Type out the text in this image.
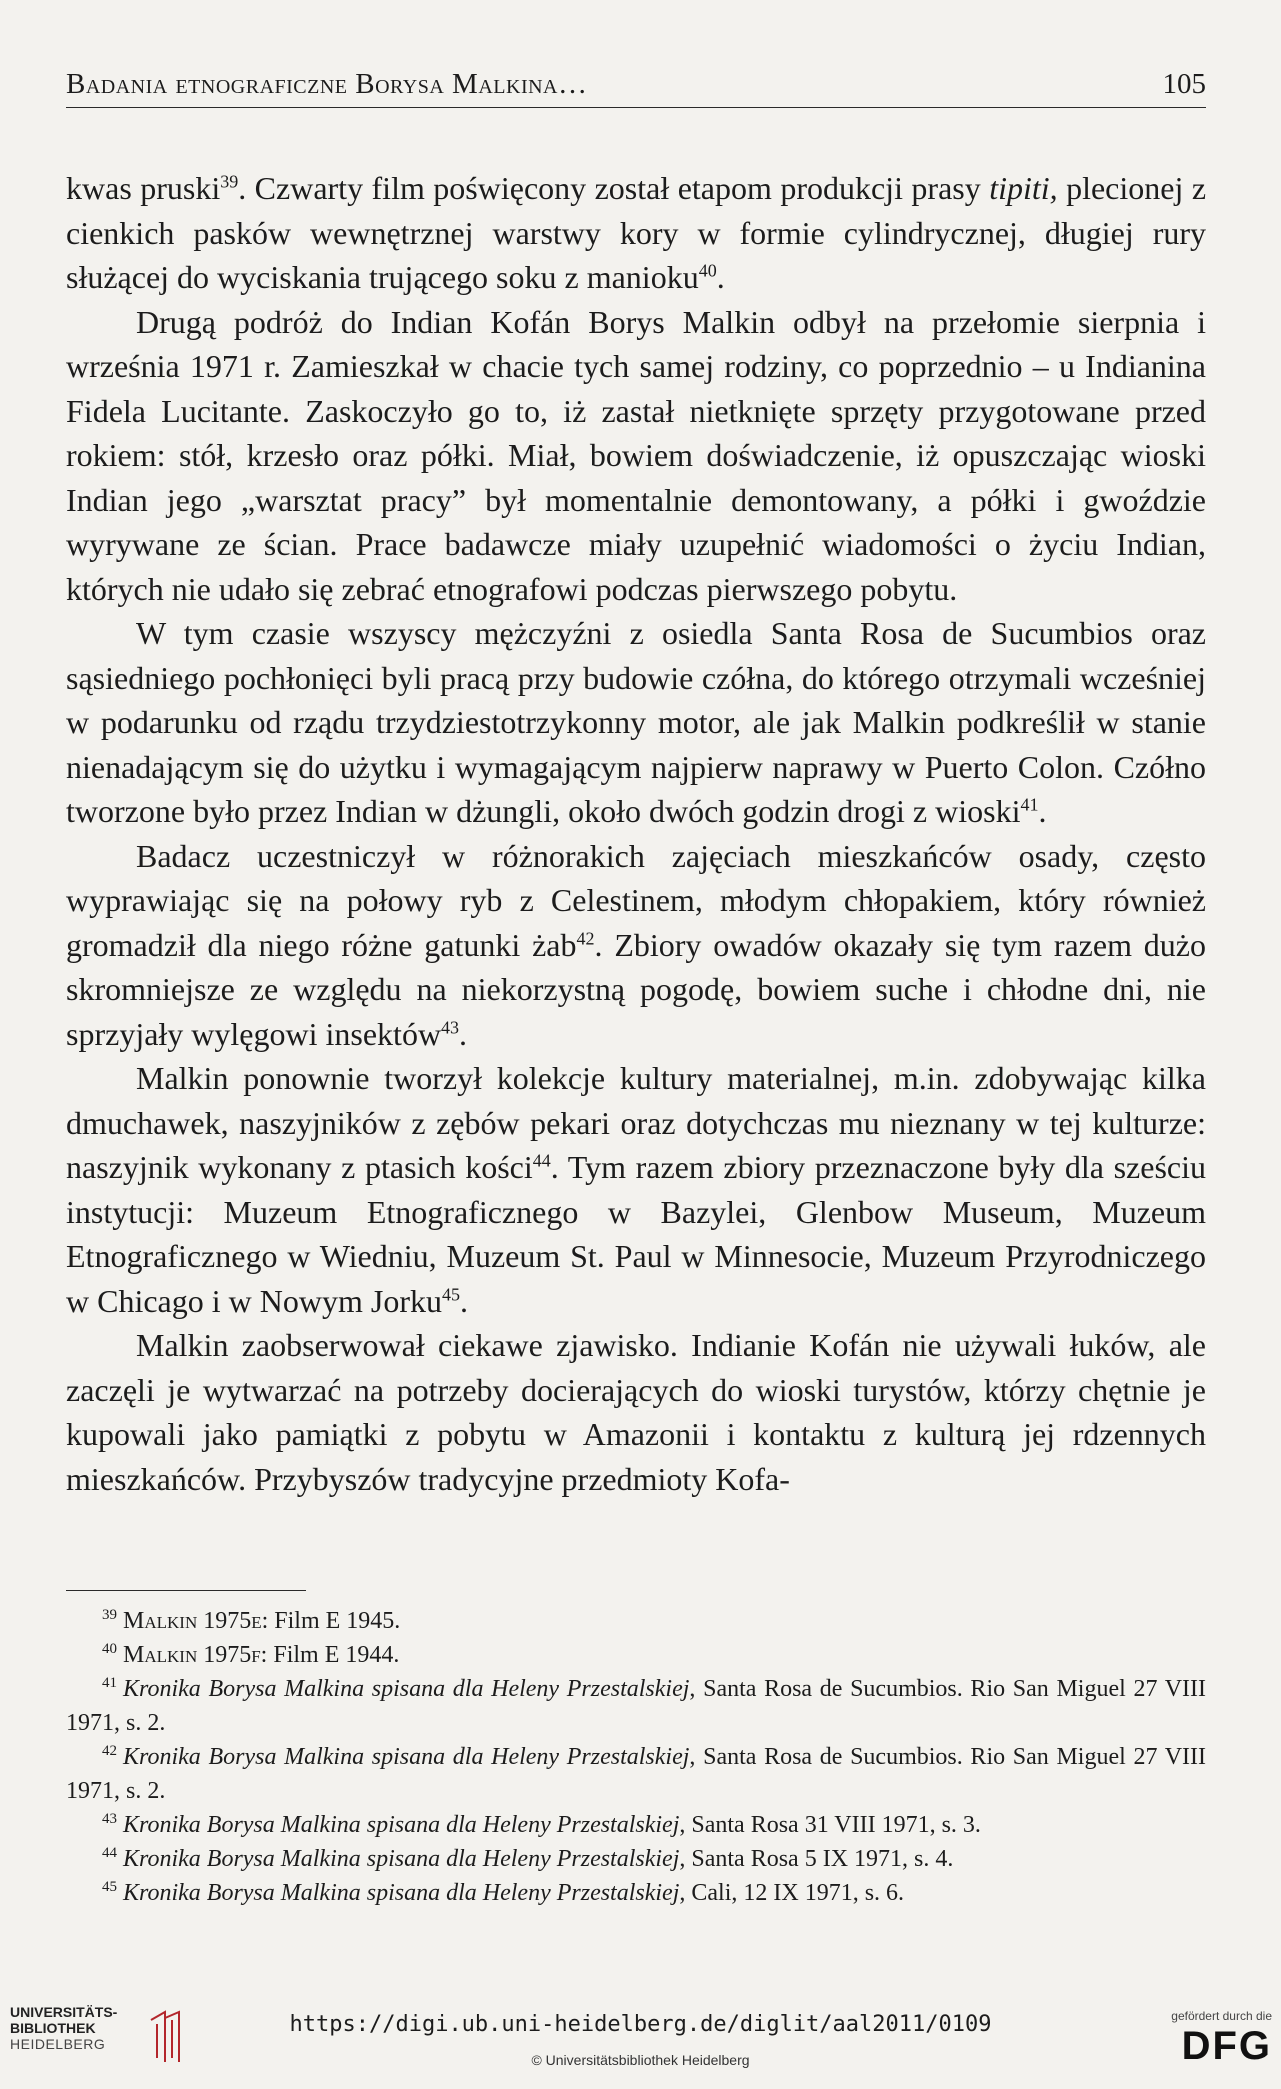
Badania etnograficzne Borysa Malkina…	105

kwas pruski$^{39}$. Czwarty film poświęcony został etapom produkcji prasy tipiti, plecionej z cienkich pasków wewnętrznej warstwy kory w formie cylindrycznej, długiej rury służącej do wyciskania trującego soku z manioku$^{40}$.

Drugą podróż do Indian Kofán Borys Malkin odbył na przełomie sierpnia i września 1971 r. Zamieszkał w chacie tych samej rodziny, co poprzednio – u Indianina Fidela Lucitante. Zaskoczyło go to, iż zastał nietknięte sprzęty przygotowane przed rokiem: stół, krzesło oraz półki. Miał, bowiem doświadczenie, iż opuszczając wioski Indian jego „warsztat pracy” był momentalnie demontowany, a półki i gwoździe wyrywane ze ścian. Prace badawcze miały uzupełnić wiadomości o życiu Indian, których nie udało się zebrać etnografowi podczas pierwszego pobytu.

W tym czasie wszyscy mężczyźni z osiedla Santa Rosa de Sucumbios oraz sąsiedniego pochłonięci byli pracą przy budowie czółna, do którego otrzymali wcześniej w podarunku od rządu trzydziestotrzykonny motor, ale jak Malkin podkreślił w stanie nienadającym się do użytku i wymagającym najpierw naprawy w Puerto Colon. Czółno tworzone było przez Indian w dżungli, około dwóch godzin drogi z wioski$^{41}$.

Badacz uczestniczył w różnorakich zajęciach mieszkańców osady, często wyprawiając się na połowy ryb z Celestinem, młodym chłopakiem, który również gromadził dla niego różne gatunki żab$^{42}$. Zbiory owadów okazały się tym razem dużo skromniejsze ze względu na niekorzystną pogodę, bowiem suche i chłodne dni, nie sprzyjały wylęgowi insektów$^{43}$.

Malkin ponownie tworzył kolekcje kultury materialnej, m.in. zdobywając kilka dmuchawek, naszyjników z zębów pekari oraz dotychczas mu nieznany w tej kulturze: naszyjnik wykonany z ptasich kości$^{44}$. Tym razem zbiory przeznaczone były dla sześciu instytucji: Muzeum Etnograficznego w Bazylei, Glenbow Museum, Muzeum Etnograficznego w Wiedniu, Muzeum St. Paul w Minnesocie, Muzeum Przyrodniczego w Chicago i w Nowym Jorku$^{45}$.

Malkin zaobserwował ciekawe zjawisko. Indianie Kofán nie używali łuków, ale zaczęli je wytwarzać na potrzeby docierających do wioski turystów, którzy chętnie je kupowali jako pamiątki z pobytu w Amazonii i kontaktu z kulturą jej rdzennych mieszkańców. Przybyszów tradycyjne przedmioty Kofa-

$^{39}$ Malkin 1975e: Film E 1945.

$^{40}$ Malkin 1975f: Film E 1944.

$^{41}$ Kronika Borysa Malkina spisana dla Heleny Przestalskiej, Santa Rosa de Sucumbios. Rio San Miguel 27 VIII 1971, s. 2.

$^{42}$ Kronika Borysa Malkina spisana dla Heleny Przestalskiej, Santa Rosa de Sucumbios. Rio San Miguel 27 VIII 1971, s. 2.

$^{43}$ Kronika Borysa Malkina spisana dla Heleny Przestalskiej, Santa Rosa 31 VIII 1971, s. 3.

$^{44}$ Kronika Borysa Malkina spisana dla Heleny Przestalskiej, Santa Rosa 5 IX 1971, s. 4.

$^{45}$ Kronika Borysa Malkina spisana dla Heleny Przestalskiej, Cali, 12 IX 1971, s. 6.

UNIVERSITÄTS-
BIBLIOTHEK
HEIDELBERG
https://digi.ub.uni-heidelberg.de/diglit/aal2011/0109
© Universitätsbibliothek Heidelberg
gefördert durch die
DFG
